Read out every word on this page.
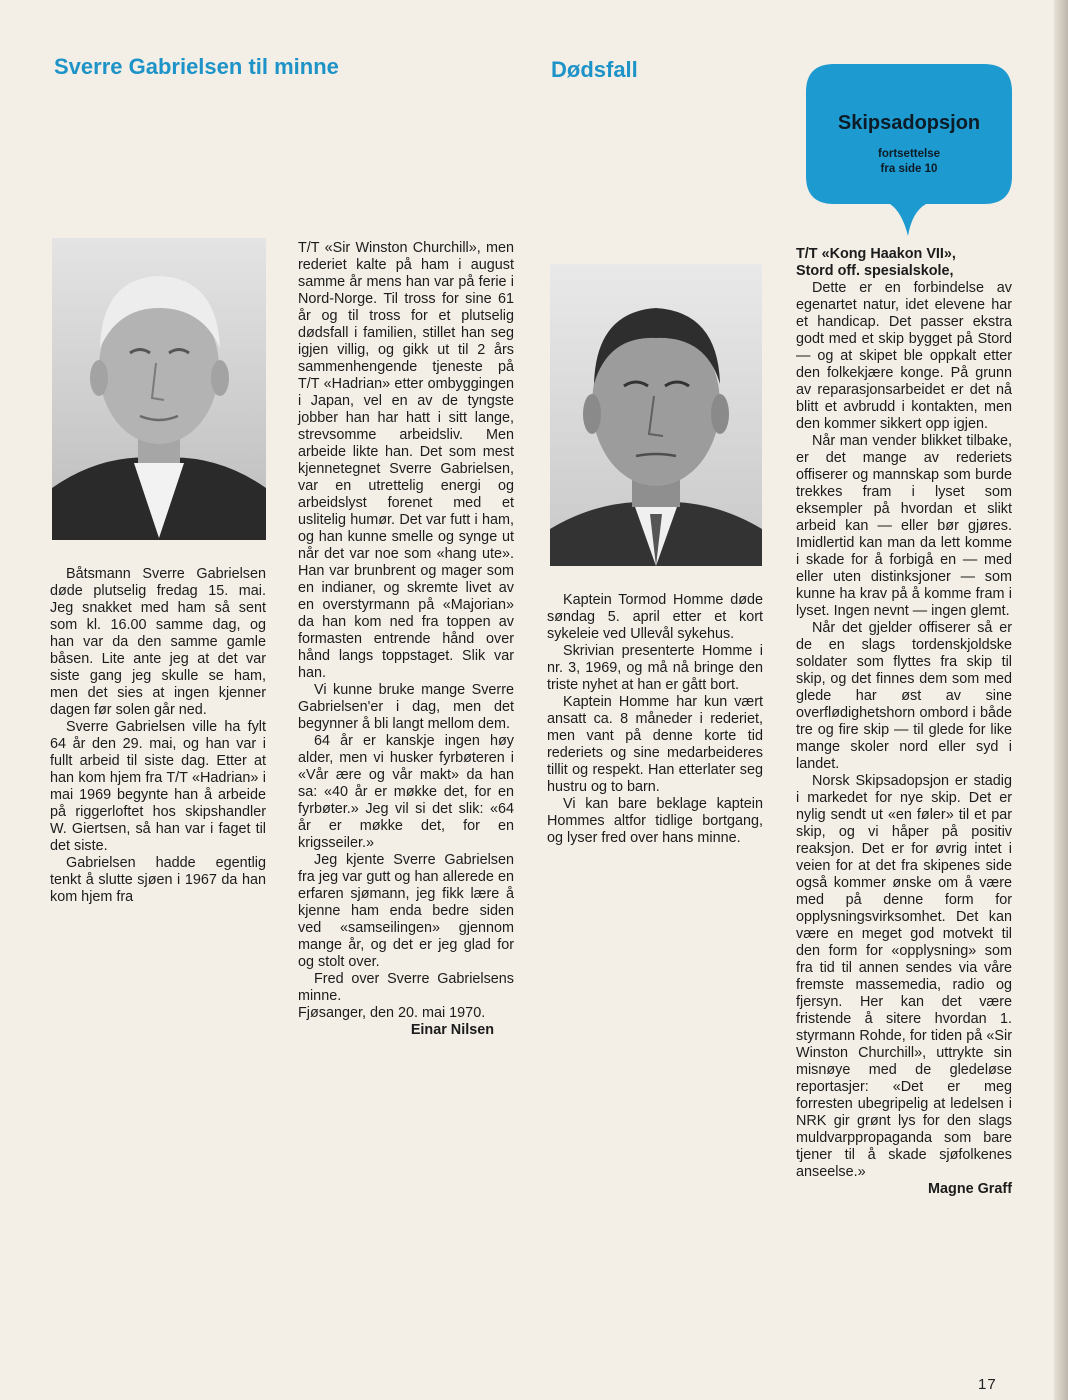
Sverre Gabrielsen til minne	Dødsfall
Skipsadopsjon
fortsettelse
fra side 10

Båtsmann Sverre Gabrielsen døde plutselig fredag 15. mai. Jeg snakket med ham så sent som kl. 16.00 samme dag, og han var da den samme gamle båsen. Lite ante jeg at det var siste gang jeg skulle se ham, men det sies at ingen kjenner dagen før solen går ned.

Sverre Gabrielsen ville ha fylt 64 år den 29. mai, og han var i fullt arbeid til siste dag. Etter at han kom hjem fra T/T «Hadrian» i mai 1969 begynte han å arbeide på riggerloftet hos skipshandler W. Giertsen, så han var i faget til det siste.

Gabrielsen hadde egentlig tenkt å slutte sjøen i 1967 da han kom hjem fra

T/T «Sir Winston Churchill», men rederiet kalte på ham i august samme år mens han var på ferie i Nord-Norge. Til tross for sine 61 år og til tross for et plutselig dødsfall i familien, stillet han seg igjen villig, og gikk ut til 2 års sammenhengende tjeneste på T/T «Hadrian» etter ombyggingen i Japan, vel en av de tyngste jobber han har hatt i sitt lange, strevsomme arbeidsliv. Men arbeide likte han. Det som mest kjennetegnet Sverre Gabrielsen, var en utrettelig energi og arbeidslyst forenet med et uslitelig humør. Det var futt i ham, og han kunne smelle og synge ut når det var noe som «hang ute». Han var brunbrent og mager som en indianer, og skremte livet av en overstyrmann på «Majorian» da han kom ned fra toppen av formasten entrende hånd over hånd langs toppstaget. Slik var han.

Vi kunne bruke mange Sverre Gabrielsen'er i dag, men det begynner å bli langt mellom dem.

64 år er kanskje ingen høy alder, men vi husker fyrbøteren i «Vår ære og vår makt» da han sa: «40 år er møkke det, for en fyrbøter.» Jeg vil si det slik: «64 år er møkke det, for en krigsseiler.»

Jeg kjente Sverre Gabrielsen fra jeg var gutt og han allerede en erfaren sjømann, jeg fikk lære å kjenne ham enda bedre siden ved «samseilingen» gjennom mange år, og det er jeg glad for og stolt over.

Fred over Sverre Gabrielsens minne.

Fjøsanger, den 20. mai 1970.

Einar Nilsen

Kaptein Tormod Homme døde søndag 5. april etter et kort sykeleie ved Ullevål sykehus.

Skrivian presenterte Homme i nr. 3, 1969, og må nå bringe den triste nyhet at han er gått bort.

Kaptein Homme har kun vært ansatt ca. 8 måneder i rederiet, men vant på denne korte tid rederiets og sine medarbeideres tillit og respekt. Han etterlater seg hustru og to barn.

Vi kan bare beklage kaptein Hommes altfor tidlige bortgang, og lyser fred over hans minne.

T/T «Kong Haakon VII»,

Stord off. spesialskole,

Dette er en forbindelse av egenartet natur, idet elevene har et handicap. Det passer ekstra godt med et skip bygget på Stord — og at skipet ble oppkalt etter den folkekjære konge. På grunn av reparasjonsarbeidet er det nå blitt et avbrudd i kontakten, men den kommer sikkert opp igjen.

Når man vender blikket tilbake, er det mange av rederiets offiserer og mannskap som burde trekkes fram i lyset som eksempler på hvordan et slikt arbeid kan — eller bør gjøres. Imidlertid kan man da lett komme i skade for å forbigå en — med eller uten distinksjoner — som kunne ha krav på å komme fram i lyset. Ingen nevnt — ingen glemt.

Når det gjelder offiserer så er de en slags tordenskjoldske soldater som flyttes fra skip til skip, og det finnes dem som med glede har øst av sine overflødighetshorn ombord i både tre og fire skip — til glede for like mange skoler nord eller syd i landet.

Norsk Skipsadopsjon er stadig i markedet for nye skip. Det er nylig sendt ut «en føler» til et par skip, og vi håper på positiv reaksjon. Det er for øvrig intet i veien for at det fra skipenes side også kommer ønske om å være med på denne form for opplysningsvirksomhet. Det kan være en meget god motvekt til den form for «opplysning» som fra tid til annen sendes via våre fremste massemedia, radio og fjersyn. Her kan det være fristende å sitere hvordan 1. styrmann Rohde, for tiden på «Sir Winston Churchill», uttrykte sin misnøye med de gledeløse reportasjer: «Det er meg forresten ubegripelig at ledelsen i NRK gir grønt lys for den slags muldvarppropaganda som bare tjener til å skade sjøfolkenes anseelse.»

Magne Graff

17
